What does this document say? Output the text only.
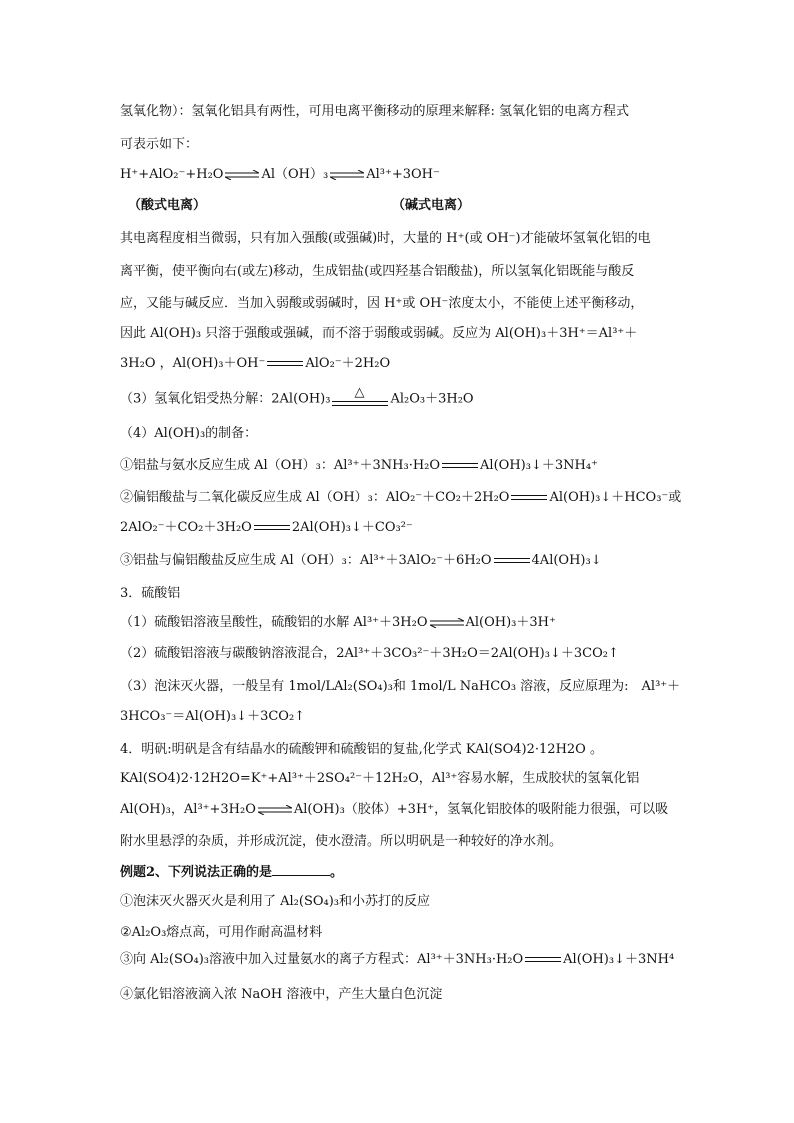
氢氧化物）：氢氧化铝具有两性，可用电离平衡移动的原理来解释: 氢氧化铝的电离方程式
可表示如下：
H⁺+AlO₂⁻+H₂O ⇌ Al（OH）₃ ⇌ Al³⁺+3OH⁻
（酸式电离）	（碱式电离）
其电离程度相当微弱，只有加入强酸(或强碱)时，大量的 H⁺(或 OH⁻)才能破坏氢氧化铝的电
离平衡，使平衡向右(或左)移动，生成铝盐(或四羟基合铝酸盐)，所以氢氧化铝既能与酸反
应，又能与碱反应．当加入弱酸或弱碱时，因 H⁺或 OH⁻浓度太小，不能使上述平衡移动，
因此 Al(OH)₃ 只溶于强酸或强碱，而不溶于弱酸或弱碱。反应为 Al(OH)₃＋3H⁺＝Al³⁺＋
3H₂O ，Al(OH)₃＋OH⁻	AlO₂⁻＋2H₂O
（3）氢氧化铝受热分解：2Al(OH)₃ △ Al₂O₃＋3H₂O
（4）Al(OH)₃的制备：
①铝盐与氨水反应生成 Al（OH）₃：Al³⁺＋3NH₃·H₂O	Al(OH)₃↓＋3NH₄⁺
②偏铝酸盐与二氧化碳反应生成 Al（OH）₃：AlO₂⁻＋CO₂＋2H₂O	Al(OH)₃↓＋HCO₃⁻或
2AlO₂⁻＋CO₂＋3H₂O	2Al(OH)₃↓＋CO₃²⁻
③铝盐与偏铝酸盐反应生成 Al（OH）₃：Al³⁺＋3AlO₂⁻＋6H₂O	4Al(OH)₃↓
3．硫酸铝
（1）硫酸铝溶液呈酸性，硫酸铝的水解 Al³⁺＋3H₂O ⇌ Al(OH)₃＋3H⁺
（2）硫酸铝溶液与碳酸钠溶液混合，2Al³⁺＋3CO₃²⁻＋3H₂O＝2Al(OH)₃↓＋3CO₂↑
（3）泡沫灭火器，一般呈有 1mol/LAl₂(SO₄)₃和 1mol/L NaHCO₃ 溶液，反应原理为:　Al³⁺＋
3HCO₃⁻＝Al(OH)₃↓＋3CO₂↑
4．明矾:明矾是含有结晶水的硫酸钾和硫酸铝的复盐,化学式 KAl(SO4)2·12H2O 。
KAl(SO4)2·12H2O=K⁺+Al³⁺＋2SO₄²⁻＋12H₂O，Al³⁺容易水解，生成胶状的氢氧化铝
Al(OH)₃，Al³⁺+3H₂O ⇌ Al(OH)₃（胶体）+3H⁺，氢氧化铝胶体的吸附能力很强，可以吸
附水里悬浮的杂质，并形成沉淀，使水澄清。所以明矾是一种较好的净水剂。
例题2、下列说法正确的是	。
①泡沫灭火器灭火是利用了 Al₂(SO₄)₃和小苏打的反应
②Al₂O₃熔点高，可用作耐高温材料
③向 Al₂(SO₄)₃溶液中加入过量氨水的离子方程式：Al³⁺＋3NH₃·H₂O	Al(OH)₃↓＋3NH⁴
④氯化铝溶液滴入浓 NaOH 溶液中，产生大量白色沉淀
